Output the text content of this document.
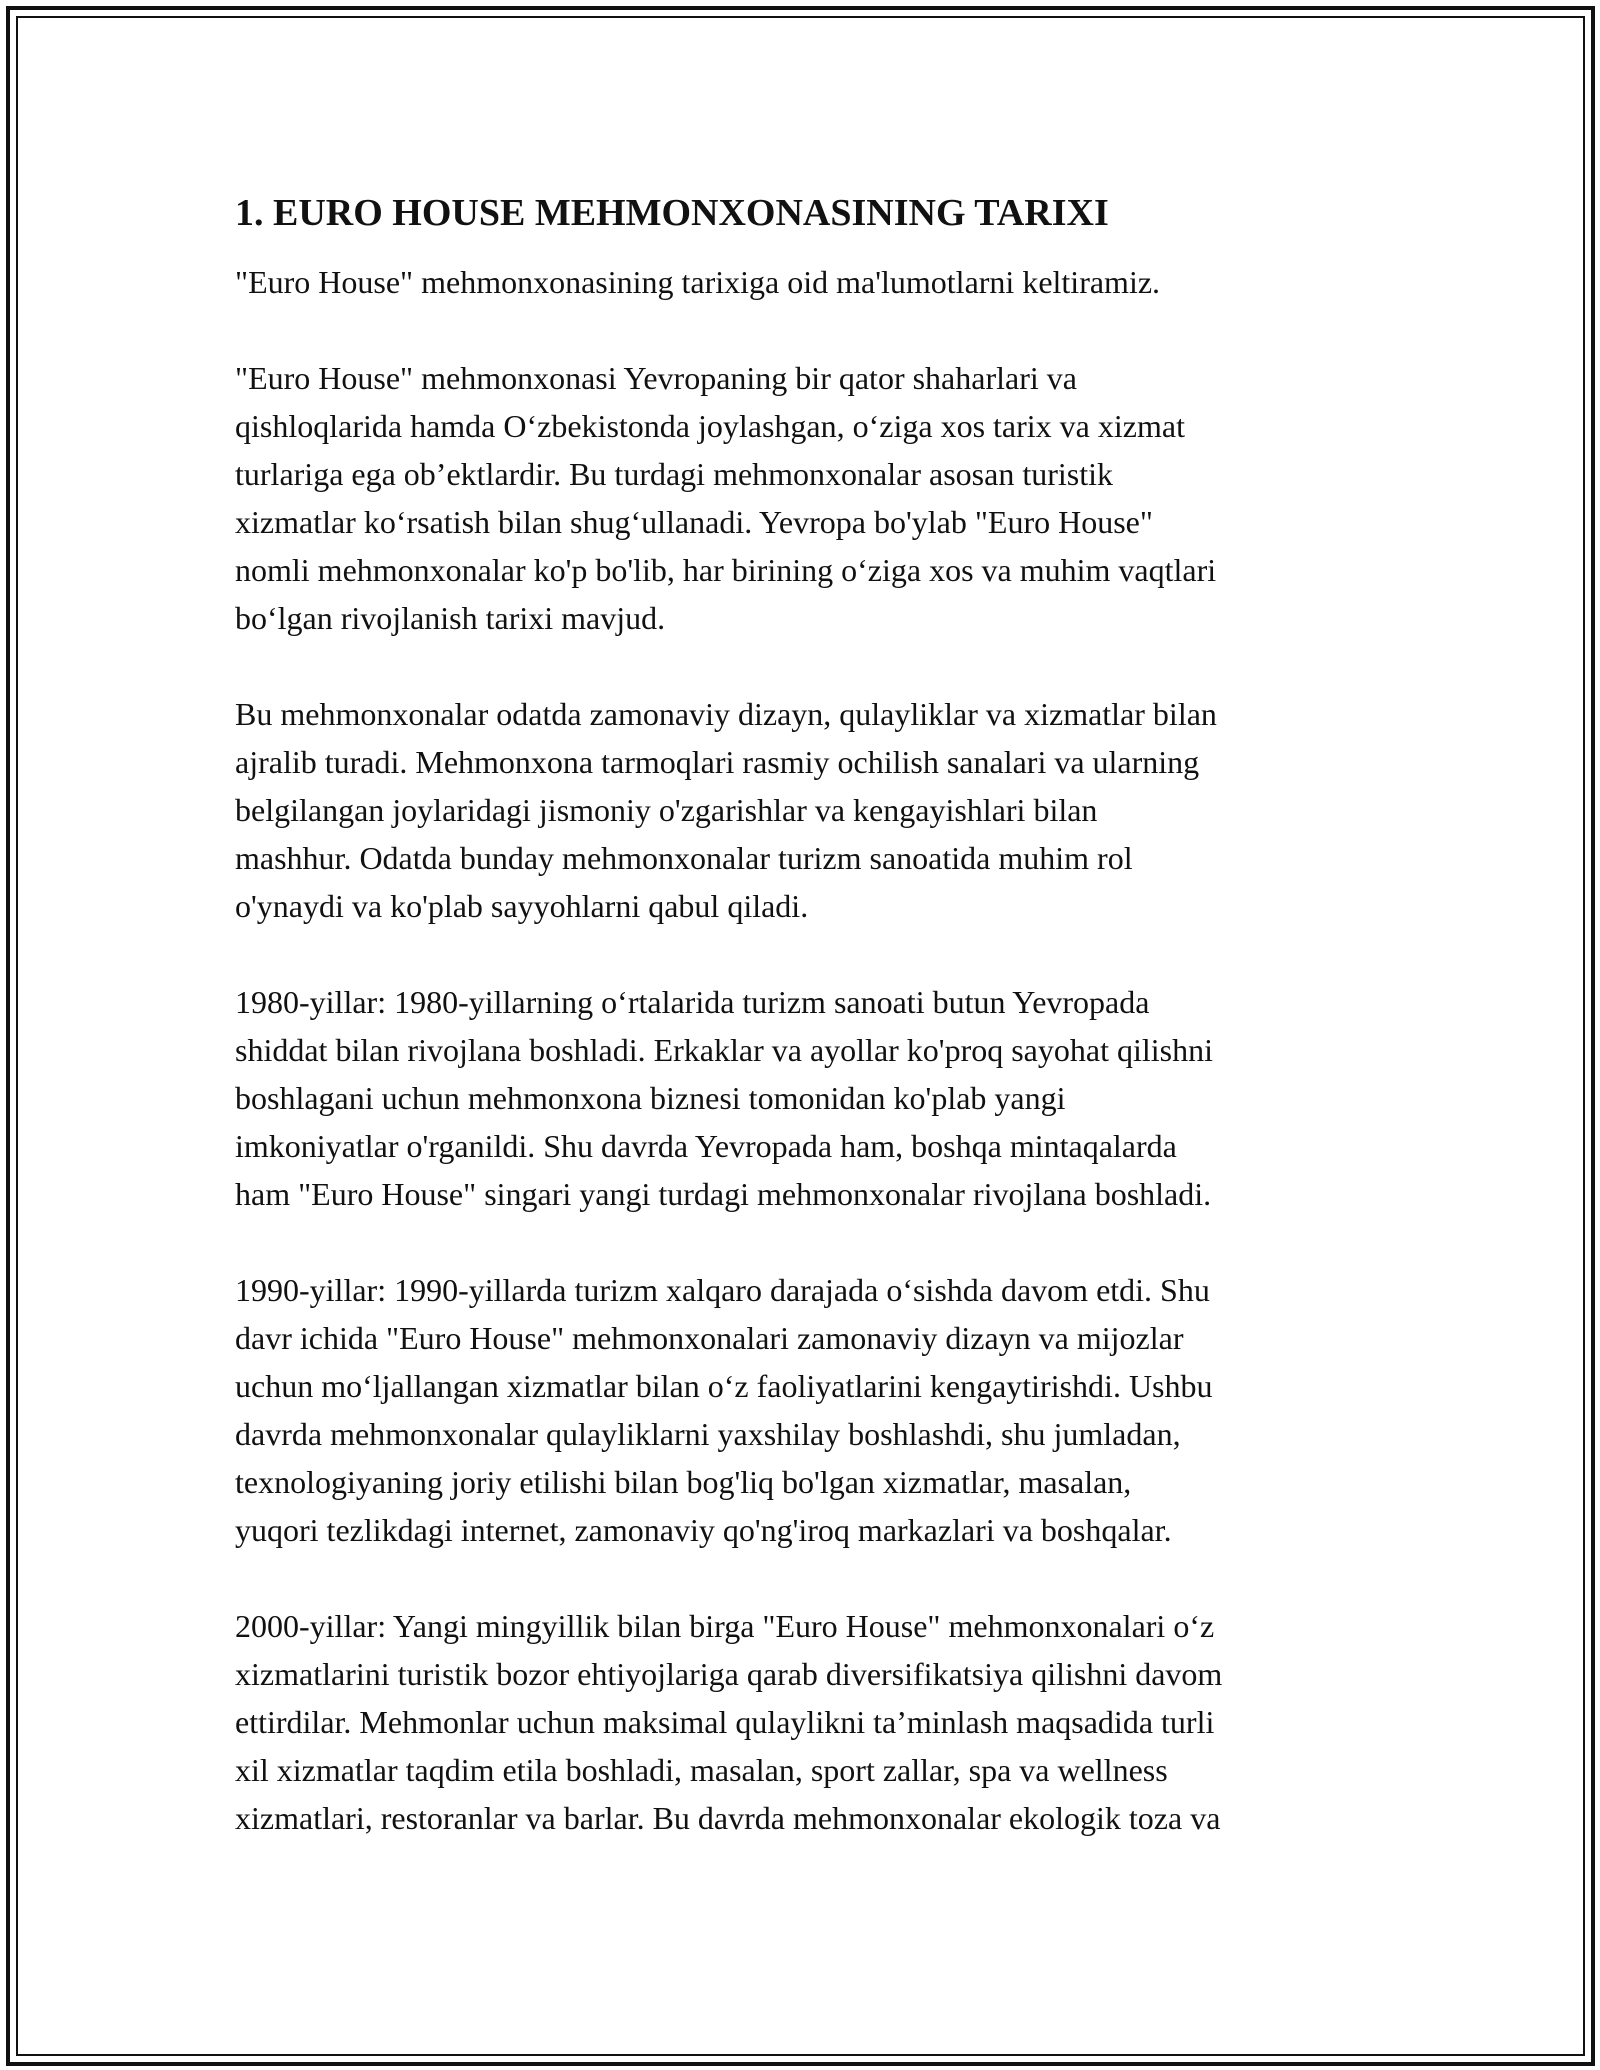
1. EURO HOUSE MEHMONXONASINING TARIXI

"Euro House" mehmonxonasining tarixiga oid ma'lumotlarni keltiramiz.

"Euro House" mehmonxonasi Yevropaning bir qator shaharlari va

qishloqlarida hamda O‘zbekistonda joylashgan, o‘ziga xos tarix va xizmat

turlariga ega ob’ektlardir. Bu turdagi mehmonxonalar asosan turistik

xizmatlar ko‘rsatish bilan shug‘ullanadi. Yevropa bo'ylab "Euro House"

nomli mehmonxonalar ko'p bo'lib, har birining o‘ziga xos va muhim vaqtlari

bo‘lgan rivojlanish tarixi mavjud.

Bu mehmonxonalar odatda zamonaviy dizayn, qulayliklar va xizmatlar bilan

ajralib turadi. Mehmonxona tarmoqlari rasmiy ochilish sanalari va ularning

belgilangan joylaridagi jismoniy o'zgarishlar va kengayishlari bilan

mashhur. Odatda bunday mehmonxonalar turizm sanoatida muhim rol

o'ynaydi va ko'plab sayyohlarni qabul qiladi.

1980-yillar: 1980-yillarning o‘rtalarida turizm sanoati butun Yevropada

shiddat bilan rivojlana boshladi. Erkaklar va ayollar ko'proq sayohat qilishni

boshlagani uchun mehmonxona biznesi tomonidan ko'plab yangi

imkoniyatlar o'rganildi. Shu davrda Yevropada ham, boshqa mintaqalarda

ham "Euro House" singari yangi turdagi mehmonxonalar rivojlana boshladi.

1990-yillar: 1990-yillarda turizm xalqaro darajada o‘sishda davom etdi. Shu

davr ichida "Euro House" mehmonxonalari zamonaviy dizayn va mijozlar

uchun mo‘ljallangan xizmatlar bilan o‘z faoliyatlarini kengaytirishdi. Ushbu

davrda mehmonxonalar qulayliklarni yaxshilay boshlashdi, shu jumladan,

texnologiyaning joriy etilishi bilan bog'liq bo'lgan xizmatlar, masalan,

yuqori tezlikdagi internet, zamonaviy qo'ng'iroq markazlari va boshqalar.

2000-yillar: Yangi mingyillik bilan birga "Euro House" mehmonxonalari o‘z

xizmatlarini turistik bozor ehtiyojlariga qarab diversifikatsiya qilishni davom

ettirdilar. Mehmonlar uchun maksimal qulaylikni ta’minlash maqsadida turli

xil xizmatlar taqdim etila boshladi, masalan, sport zallar, spa va wellness

xizmatlari, restoranlar va barlar. Bu davrda mehmonxonalar ekologik toza va
